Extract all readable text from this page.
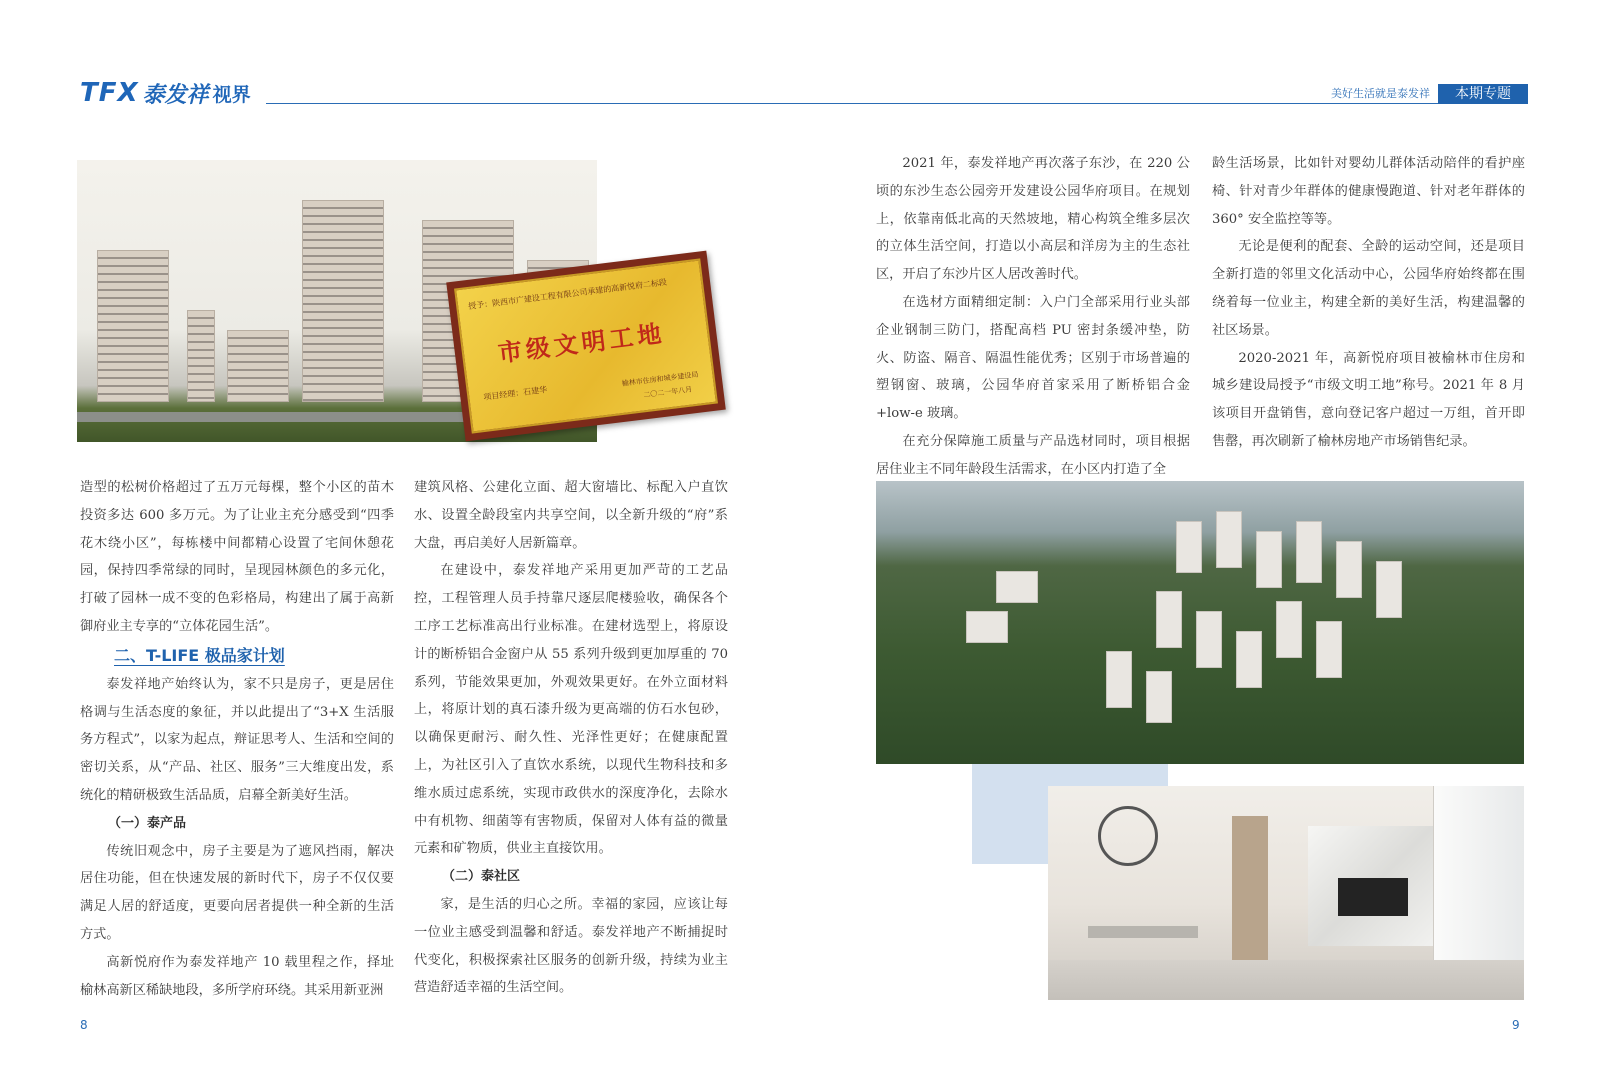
TFX 泰发祥 视界	美好生活就是泰发祥	本期专题
授予：陕西市广建设工程有限公司承建的高新悦府二标段
市级文明工地
项目经理：石建华
榆林市住房和城乡建设局
二〇二一年八月

造型的松树价格超过了五万元每棵，整个小区的苗木投资多达 600 多万元。为了让业主充分感受到“四季花木绕小区”，每栋楼中间都精心设置了宅间休憩花园，保持四季常绿的同时，呈现园林颜色的多元化，打破了园林一成不变的色彩格局，构建出了属于高新御府业主专享的“立体花园生活”。

二、T-LIFE 极品家计划

泰发祥地产始终认为，家不只是房子，更是居住格调与生活态度的象征，并以此提出了“3+X 生活服务方程式”，以家为起点，辩证思考人、生活和空间的密切关系，从“产品、社区、服务”三大维度出发，系统化的精研极致生活品质，启幕全新美好生活。

（一）泰产品

传统旧观念中，房子主要是为了遮风挡雨，解决居住功能，但在快速发展的新时代下，房子不仅仅要满足人居的舒适度，更要向居者提供一种全新的生活方式。

高新悦府作为泰发祥地产 10 载里程之作，择址榆林高新区稀缺地段，多所学府环绕。其采用新亚洲

建筑风格、公建化立面、超大窗墙比、标配入户直饮水、设置全龄段室内共享空间，以全新升级的“府”系大盘，再启美好人居新篇章。

在建设中，泰发祥地产采用更加严苛的工艺品控，工程管理人员手持靠尺逐层爬楼验收，确保各个工序工艺标准高出行业标准。在建材选型上，将原设计的断桥铝合金窗户从 55 系列升级到更加厚重的 70 系列，节能效果更加，外观效果更好。在外立面材料上，将原计划的真石漆升级为更高端的仿石水包砂，以确保更耐污、耐久性、光泽性更好；在健康配置上，为社区引入了直饮水系统，以现代生物科技和多维水质过虑系统，实现市政供水的深度净化，去除水中有机物、细菌等有害物质，保留对人体有益的微量元素和矿物质，供业主直接饮用。

（二）泰社区

家，是生活的归心之所。幸福的家园，应该让每一位业主感受到温馨和舒适。泰发祥地产不断捕捉时代变化，积极探索社区服务的创新升级，持续为业主营造舒适幸福的生活空间。

2021 年，泰发祥地产再次落子东沙，在 220 公顷的东沙生态公园旁开发建设公园华府项目。在规划上，依靠南低北高的天然坡地，精心构筑全维多层次的立体生活空间，打造以小高层和洋房为主的生态社区，开启了东沙片区人居改善时代。

在选材方面精细定制：入户门全部采用行业头部企业钢制三防门，搭配高档 PU 密封条缓冲垫，防火、防盗、隔音、隔温性能优秀；区别于市场普遍的塑钢窗、玻璃，公园华府首家采用了断桥铝合金 +low-e 玻璃。

在充分保障施工质量与产品选材同时，项目根据居住业主不同年龄段生活需求，在小区内打造了全

龄生活场景，比如针对婴幼儿群体活动陪伴的看护座椅、针对青少年群体的健康慢跑道、针对老年群体的 360° 安全监控等等。

无论是便利的配套、全龄的运动空间，还是项目全新打造的邻里文化活动中心，公园华府始终都在围绕着每一位业主，构建全新的美好生活，构建温馨的社区场景。

2020-2021 年，高新悦府项目被榆林市住房和城乡建设局授予“市级文明工地”称号。2021 年 8 月该项目开盘销售，意向登记客户超过一万组，首开即售罄，再次刷新了榆林房地产市场销售纪录。

8	9
